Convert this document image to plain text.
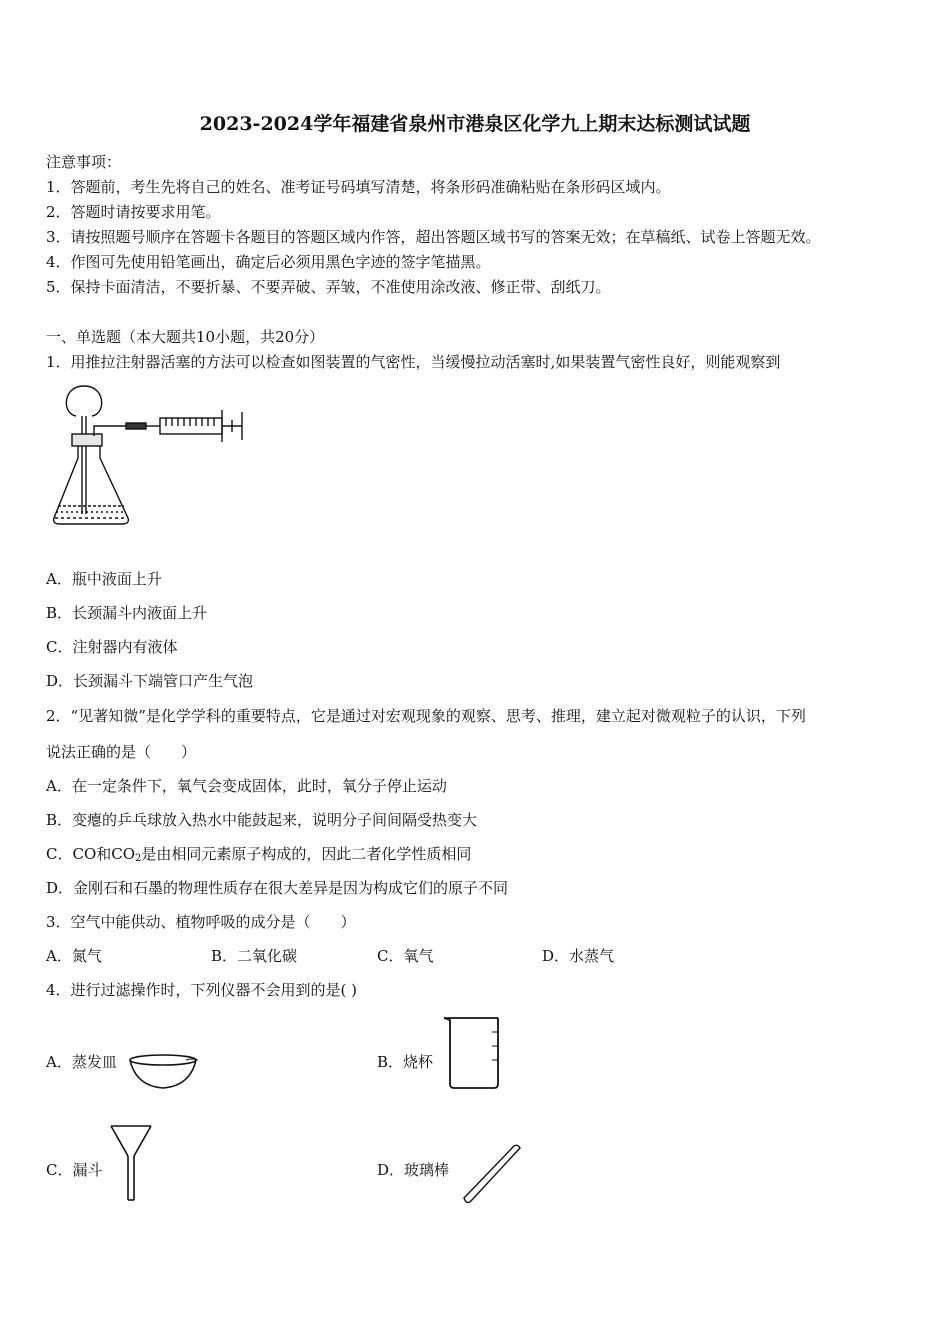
2023-2024学年福建省泉州市港泉区化学九上期末达标测试试题
注意事项：
1．答题前，考生先将自己的姓名、准考证号码填写清楚，将条形码准确粘贴在条形码区域内。
2．答题时请按要求用笔。
3．请按照题号顺序在答题卡各题目的答题区域内作答，超出答题区域书写的答案无效；在草稿纸、试卷上答题无效。
4．作图可先使用铅笔画出，确定后必须用黑色字迹的签字笔描黑。
5．保持卡面清洁，不要折暴、不要弄破、弄皱，不准使用涂改液、修正带、刮纸刀。
一、单选题（本大题共10小题，共20分）
1．用推拉注射器活塞的方法可以检查如图装置的气密性，当缓慢拉动活塞时,如果装置气密性良好，则能观察到
A．瓶中液面上升
B．长颈漏斗内液面上升
C．注射器内有液体
D．长颈漏斗下端管口产生气泡
2．“见著知微”是化学学科的重要特点，它是通过对宏观现象的观察、思考、推理，建立起对微观粒子的认识，下列
说法正确的是（　　）
A．在一定条件下，氧气会变成固体，此时，氧分子停止运动
B．变瘪的乒乓球放入热水中能鼓起来，说明分子间间隔受热变大
C．CO和$CO_2$是由相同元素原子构成的，因此二者化学性质相同
D．金刚石和石墨的物理性质存在很大差异是因为构成它们的原子不同
3．空气中能供动、植物呼吸的成分是（　　）
A．氮气	B．二氧化碳	C．氧气	D．水蒸气
4．进行过滤操作时，下列仪器不会用到的是( )
A．蒸发皿	B．烧杯
C．漏斗	D．玻璃棒
